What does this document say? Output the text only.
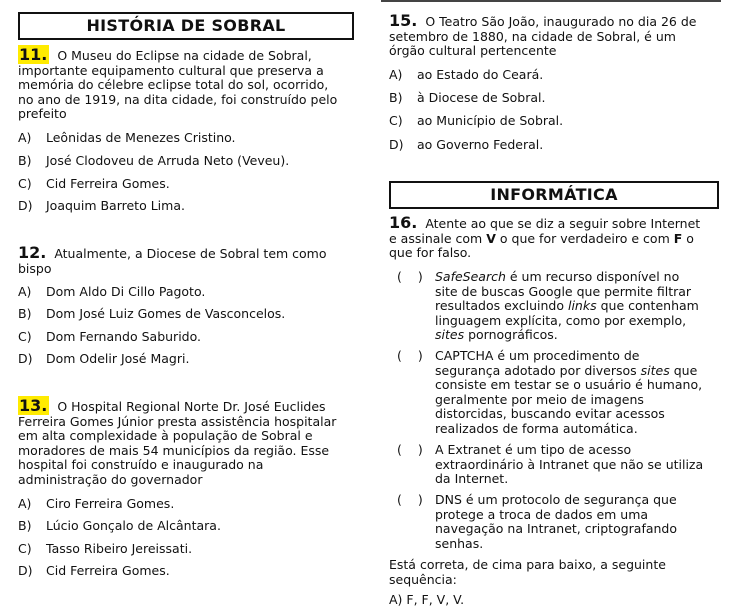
HISTÓRIA DE SOBRAL
11. O Museu do Eclipse na cidade de Sobral, importante equipamento cultural que preserva a memória do célebre eclipse total do sol, ocorrido, no ano de 1919, na dita cidade, foi construído pelo prefeito
A) Leônidas de Menezes Cristino.
B) José Clodoveu de Arruda Neto (Veveu).
C) Cid Ferreira Gomes.
D) Joaquim Barreto Lima.
12. Atualmente, a Diocese de Sobral tem como bispo
A) Dom Aldo Di Cillo Pagoto.
B) Dom José Luiz Gomes de Vasconcelos.
C) Dom Fernando Saburido.
D) Dom Odelir José Magri.
13. O Hospital Regional Norte Dr. José Euclides Ferreira Gomes Júnior presta assistência hospitalar em alta complexidade à população de Sobral e moradores de mais 54 municípios da região. Esse hospital foi construído e inaugurado na administração do governador
A) Ciro Ferreira Gomes.
B) Lúcio Gonçalo de Alcântara.
C) Tasso Ribeiro Jereissati.
D) Cid Ferreira Gomes.
15. O Teatro São João, inaugurado no dia 26 de setembro de 1880, na cidade de Sobral, é um órgão cultural pertencente
A) ao Estado do Ceará.
B) à Diocese de Sobral.
C) ao Município de Sobral.
D) ao Governo Federal.
INFORMÁTICA
16. Atente ao que se diz a seguir sobre Internet e assinale com V o que for verdadeiro e com F o que for falso.
( ) SafeSearch é um recurso disponível no site de buscas Google que permite filtrar resultados excluindo links que contenham linguagem explícita, como por exemplo, sites pornográficos.
( ) CAPTCHA é um procedimento de segurança adotado por diversos sites que consiste em testar se o usuário é humano, geralmente por meio de imagens distorcidas, buscando evitar acessos realizados de forma automática.
( ) A Extranet é um tipo de acesso extraordinário à Intranet que não se utiliza da Internet.
( ) DNS é um protocolo de segurança que protege a troca de dados em uma navegação na Intranet, criptografando senhas.
Está correta, de cima para baixo, a seguinte sequência:
A) F, F, V, V.
